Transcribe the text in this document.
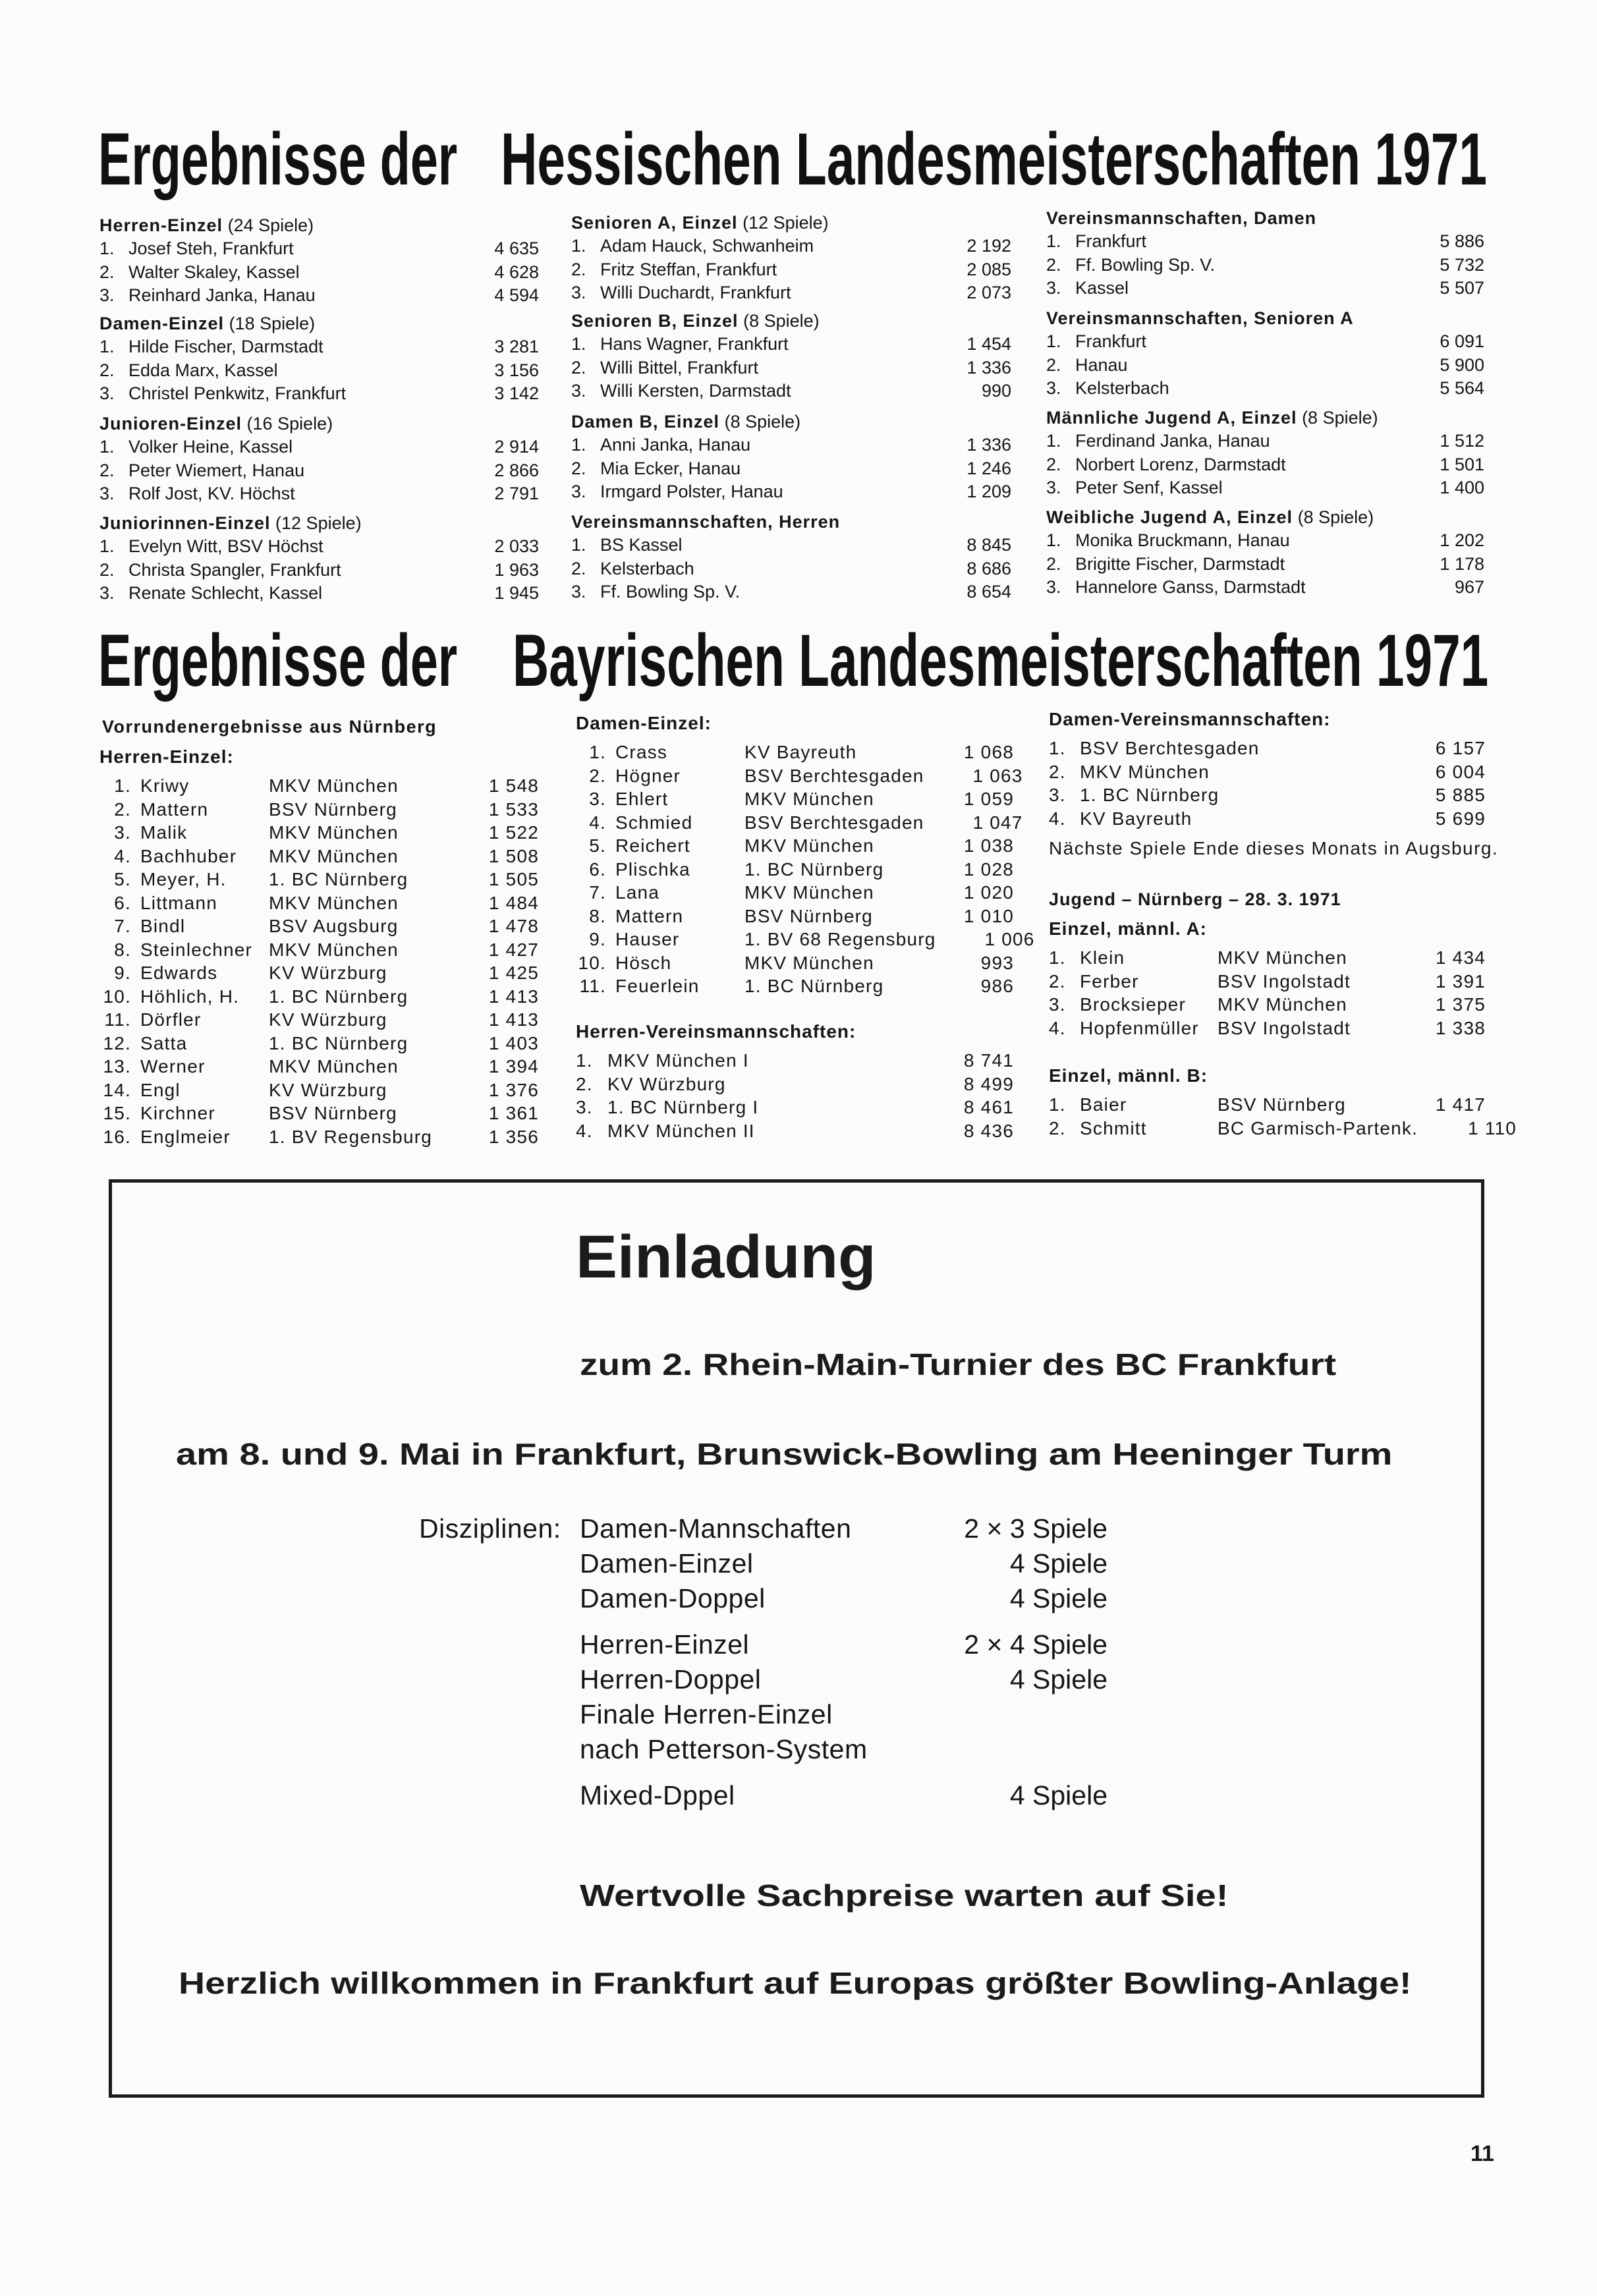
Ergebnisse der Hessischen Landesmeisterschaften 1971
Herren-Einzel (24 Spiele)
1. Josef Steh, Frankfurt	4 635
2. Walter Skaley, Kassel	4 628
3. Reinhard Janka, Hanau	4 594
Damen-Einzel (18 Spiele)
1. Hilde Fischer, Darmstadt	3 281
2. Edda Marx, Kassel	3 156
3. Christel Penkwitz, Frankfurt	3 142
Junioren-Einzel (16 Spiele)
1. Volker Heine, Kassel	2 914
2. Peter Wiemert, Hanau	2 866
3. Rolf Jost, KV. Höchst	2 791
Juniorinnen-Einzel (12 Spiele)
1. Evelyn Witt, BSV Höchst	2 033
2. Christa Spangler, Frankfurt	1 963
3. Renate Schlecht, Kassel	1 945
Senioren A, Einzel (12 Spiele)
1. Adam Hauck, Schwanheim	2 192
2. Fritz Steffan, Frankfurt	2 085
3. Willi Duchardt, Frankfurt	2 073
Senioren B, Einzel (8 Spiele)
1. Hans Wagner, Frankfurt	1 454
2. Willi Bittel, Frankfurt	1 336
3. Willi Kersten, Darmstadt	990
Damen B, Einzel (8 Spiele)
1. Anni Janka, Hanau	1 336
2. Mia Ecker, Hanau	1 246
3. Irmgard Polster, Hanau	1 209
Vereinsmannschaften, Herren
1. BS Kassel	8 845
2. Kelsterbach	8 686
3. Ff. Bowling Sp. V.	8 654
Vereinsmannschaften, Damen
1. Frankfurt	5 886
2. Ff. Bowling Sp. V.	5 732
3. Kassel	5 507
Vereinsmannschaften, Senioren A
1. Frankfurt	6 091
2. Hanau	5 900
3. Kelsterbach	5 564
Männliche Jugend A, Einzel (8 Spiele)
1. Ferdinand Janka, Hanau	1 512
2. Norbert Lorenz, Darmstadt	1 501
3. Peter Senf, Kassel	1 400
Weibliche Jugend A, Einzel (8 Spiele)
1. Monika Bruckmann, Hanau	1 202
2. Brigitte Fischer, Darmstadt	1 178
3. Hannelore Ganss, Darmstadt	967
Ergebnisse der Bayrischen Landesmeisterschaften 1971
Vorrundenergebnisse aus Nürnberg
Herren-Einzel:
1. Kriwy	MKV München	1 548
2. Mattern	BSV Nürnberg	1 533
3. Malik	MKV München	1 522
4. Bachhuber	MKV München	1 508
5. Meyer, H.	1. BC Nürnberg	1 505
6. Littmann	MKV München	1 484
7. Bindl	BSV Augsburg	1 478
8. Steinlechner MKV München	1 427
9. Edwards	KV Würzburg	1 425
10. Höhlich, H.	1. BC Nürnberg	1 413
11. Dörfler	KV Würzburg	1 413
12. Satta	1. BC Nürnberg	1 403
13. Werner	MKV München	1 394
14. Engl	KV Würzburg	1 376
15. Kirchner	BSV Nürnberg	1 361
16. Englmeier	1. BV Regensburg	1 356
Damen-Einzel:
1. Crass	KV Bayreuth	1 068
2. Högner	BSV Berchtesgaden	1 063
3. Ehlert	MKV München	1 059
4. Schmied	BSV Berchtesgaden	1 047
5. Reichert	MKV München	1 038
6. Plischka	1. BC Nürnberg	1 028
7. Lana	MKV München	1 020
8. Mattern	BSV Nürnberg	1 010
9. Hauser	1. BV 68 Regensburg	1 006
10. Hösch	MKV München	993
11. Feuerlein	1. BC Nürnberg	986
Herren-Vereinsmannschaften:
1. MKV München I	8 741
2. KV Würzburg	8 499
3. 1. BC Nürnberg I	8 461
4. MKV München II	8 436
Damen-Vereinsmannschaften:
1. BSV Berchtesgaden	6 157
2. MKV München	6 004
3. 1. BC Nürnberg	5 885
4. KV Bayreuth	5 699
Nächste Spiele Ende dieses Monats in Augsburg.
Jugend – Nürnberg – 28. 3. 1971
Einzel, männl. A:
1. Klein	MKV München	1 434
2. Ferber	BSV Ingolstadt	1 391
3. Brocksieper	MKV München	1 375
4. Hopfenmüller	BSV Ingolstadt	1 338
Einzel, männl. B:
1. Baier	BSV Nürnberg	1 417
2. Schmitt	BC Garmisch-Partenk.	1 110
Einladung
zum 2. Rhein-Main-Turnier des BC Frankfurt
am 8. und 9. Mai in Frankfurt, Brunswick-Bowling am Heeninger Turm
Disziplinen: Damen-Mannschaften	2 × 3 Spiele
Damen-Einzel	4 Spiele
Damen-Doppel	4 Spiele
Herren-Einzel	2 × 4 Spiele
Herren-Doppel	4 Spiele
Finale Herren-Einzel
nach Petterson-System
Mixed-Dppel	4 Spiele
Wertvolle Sachpreise warten auf Sie!
Herzlich willkommen in Frankfurt auf Europas größter Bowling-Anlage!
11
